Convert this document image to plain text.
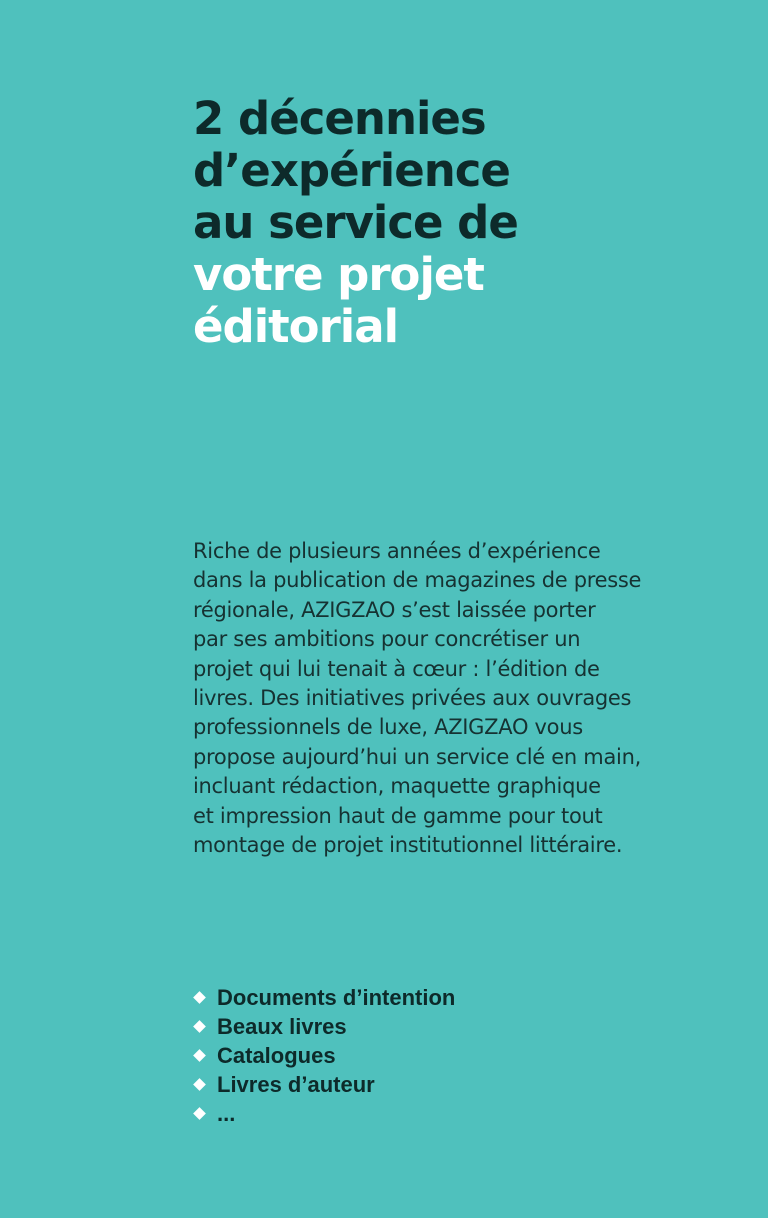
2 décennies
d’expérience
au service de
votre projet
éditorial

Riche de plusieurs années d’expérience
dans la publication de magazines de presse
régionale, AZIGZAO s’est laissée porter
par ses ambitions pour concrétiser un
projet qui lui tenait à cœur : l’édition de
livres. Des initiatives privées aux ouvrages
professionnels de luxe, AZIGZAO vous
propose aujourd’hui un service clé en main,
incluant rédaction, maquette graphique
et impression haut de gamme pour tout
montage de projet institutionnel littéraire.

Documents d’intention
Beaux livres
Catalogues
Livres d’auteur
...
